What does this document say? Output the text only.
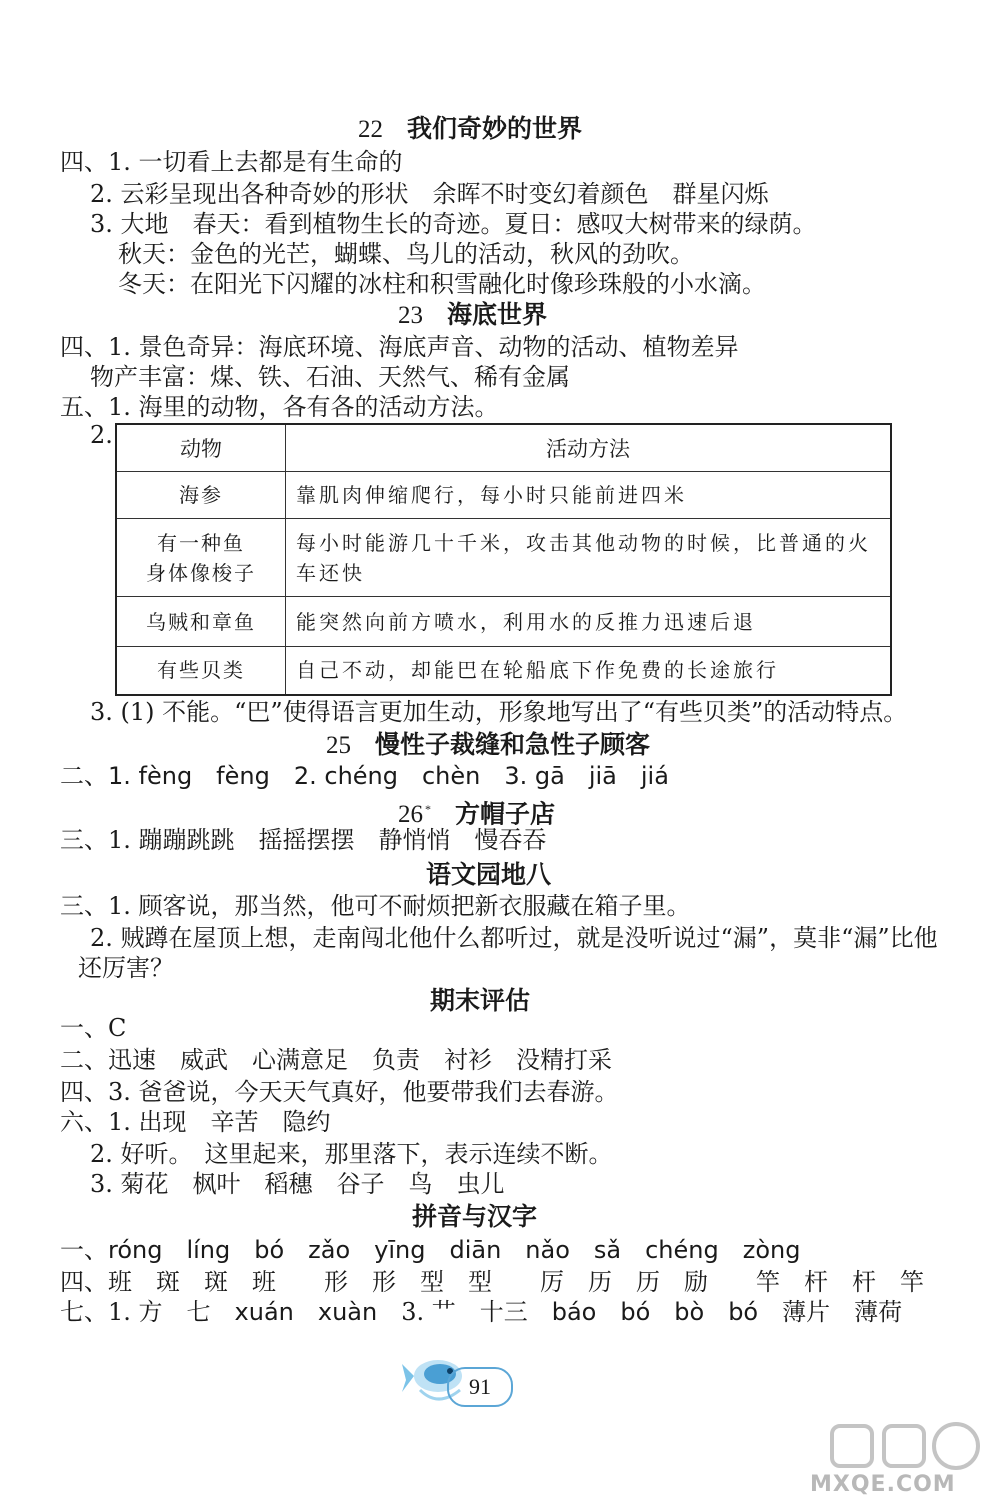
22 我们奇妙的世界
四、1. 一切看上去都是有生命的
2. 云彩呈现出各种奇妙的形状　余晖不时变幻着颜色　群星闪烁
3. 大地　春天：看到植物生长的奇迹。夏日：感叹大树带来的绿荫。
秋天：金色的光芒，蝴蝶、鸟儿的活动，秋风的劲吹。
冬天：在阳光下闪耀的冰柱和积雪融化时像珍珠般的小水滴。
23 海底世界
四、1. 景色奇异：海底环境、海底声音、动物的活动、植物差异
物产丰富：煤、铁、石油、天然气、稀有金属
五、1. 海里的动物，各有各的活动方法。
2.	动物	活动方法
海参	靠肌肉伸缩爬行，每小时只能前进四米
有一种鱼
身体像梭子	每小时能游几十千米，攻击其他动物的时候，比普通的火车还快
乌贼和章鱼	能突然向前方喷水，利用水的反推力迅速后退
有些贝类	自己不动，却能巴在轮船底下作免费的长途旅行
3. (1) 不能。“巴”使得语言更加生动，形象地写出了“有些贝类”的活动特点。
25 慢性子裁缝和急性子顾客
二、1. fèng　fèng　2. chéng　chèn　3. gā　jiā　jiá
26 * 方帽子店
三、1. 蹦蹦跳跳　摇摇摆摆　静悄悄　慢吞吞
语文园地八
三、1. 顾客说，那当然，他可不耐烦把新衣服藏在箱子里。
2. 贼蹲在屋顶上想，走南闯北他什么都听过，就是没听说过“漏”，莫非“漏”比他
还厉害？
期末评估
一、C
二、迅速　威武　心满意足　负责　衬衫　没精打采
四、3. 爸爸说，今天天气真好，他要带我们去春游。
六、1. 出现　辛苦　隐约
2. 好听。　这里起来，那里落下，表示连续不断。
3. 菊花　枫叶　稻穗　谷子　鸟　虫儿
拼音与汉字
一、róng　líng　bó　zǎo　yīng　diān　nǎo　sǎ　chéng　zòng
四、班　斑　斑　班　　形　形　型　型　　厉　历　历　励　　竿　杆　杆　竿
七、1. 方　七　xuán　xuàn　3. 艹　十三　báo　bó　bò　bó　薄片　薄荷
91
MXQE.COM
